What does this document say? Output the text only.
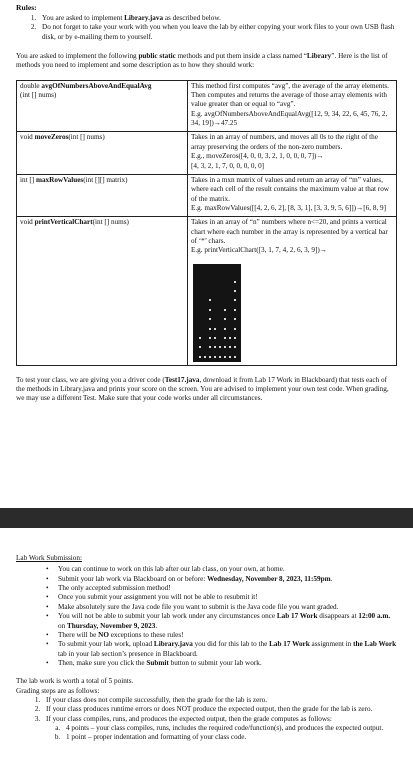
Rules:
1. You are asked to implement Library.java as described below.
2. Do not forget to take your work with you when you leave the lab by either copying your work files to your own USB flash disk, or by e-mailing them to yourself.

You are asked to implement the following public static methods and put them inside a class named “Library”. Here is the list of methods you need to implement and some description as to how they should work:

double avgOfNumbersAboveAndEqualAvg
(int [] nums)	This method first computes “avg”, the average of the array elements. Then computes and returns the average of those array elements with value greater than or equal to “avg”.
E.g. avgOfNumbersAboveAndEqualAvg([12, 9, 34, 22, 6, 45, 76, 2, 34, 19])→47.25

void moveZeros(int [] nums)	Takes in an array of numbers, and moves all 0s to the right of the array preserving the orders of the non-zero numbers.
E.g., moveZeros([4, 0, 0, 3, 2, 1, 0, 0, 0, 7])→
[4, 3, 2, 1, 7, 0, 0, 0, 0, 0]

int [] maxRowValues(int [][] matrix)	Takes in a mxn matrix of values and return an array of “m” values, where each cell of the result contains the maximum value at that row of the matrix.
E.g. maxRowValues([[4, 2, 6, 2], [8, 3, 1], [3, 3, 9, 5, 6]])→[6, 8, 9]

void printVerticalChart(int [] nums)	Takes in an array of “n” numbers where n<=20, and prints a vertical chart where each number in the array is represented by a vertical bar of ‘*’ chars.
E.g. printVerticalChart([3, 1, 7, 4, 2, 6, 3, 9])→

To test your class, we are giving you a driver code (Test17.java, download it from Lab 17 Work in Blackboard) that tests each of the methods in Library.java and prints your score on the screen. You are advised to implement your own test code. When grading, we may use a different Test. Make sure that your code works under all circumstances.

Lab Work Submission:
• You can continue to work on this lab after our lab class, on your own, at home.
• Submit your lab work via Blackboard on or before: Wednesday, November 8, 2023, 11:59pm.
• The only accepted submission method!
• Once you submit your assignment you will not be able to resubmit it!
• Make absolutely sure the Java code file you want to submit is the Java code file you want graded.
• You will not be able to submit your lab work under any circumstances once Lab 17 Work disappears at 12:00 a.m. on Thursday, November 9, 2023.
• There will be NO exceptions to these rules!
• To submit your lab work, upload Library.java you did for this lab to the Lab 17 Work assignment in the Lab Work tab in your lab section’s presence in Blackboard.
• Then, make sure you click the Submit button to submit your lab work.

The lab work is worth a total of 5 points.

Grading steps are as follows:

1. If your class does not compile successfully, then the grade for the lab is zero.
2. If your class produces runtime errors or does NOT produce the expected output, then the grade for the lab is zero.
3. If your class compiles, runs, and produces the expected output, then the grade computes as follows:
a. 4 points – your class compiles, runs, includes the required code/function(s), and produces the expected output.
b. 1 point – proper indentation and formatting of your class code.
